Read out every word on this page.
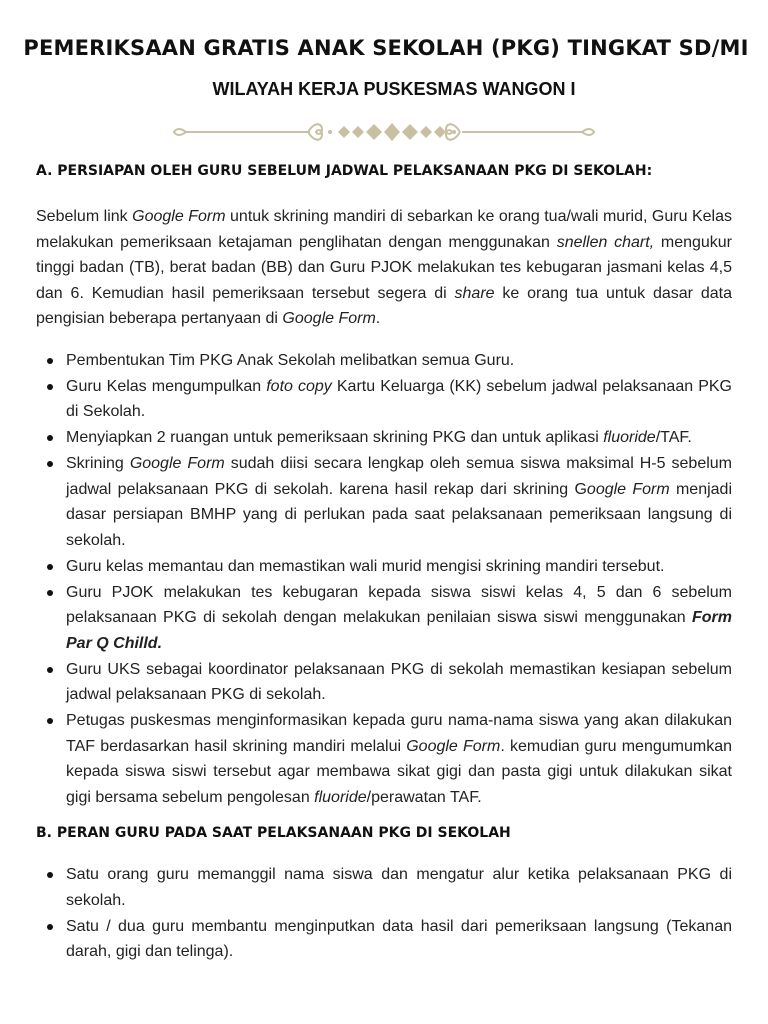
PEMERIKSAAN GRATIS ANAK SEKOLAH (PKG) TINGKAT SD/MI
WILAYAH KERJA PUSKESMAS WANGON I
A. PERSIAPAN OLEH GURU SEBELUM JADWAL PELAKSANAAN PKG DI SEKOLAH:

Sebelum link Google Form untuk skrining mandiri di sebarkan ke orang tua/wali murid, Guru Kelas melakukan pemeriksaan ketajaman penglihatan dengan menggunakan snellen chart, mengukur tinggi badan (TB), berat badan (BB) dan Guru PJOK melakukan tes kebugaran jasmani kelas 4,5 dan 6. Kemudian hasil pemeriksaan tersebut segera di share ke orang tua untuk dasar data pengisian beberapa pertanyaan di Google Form.

Pembentukan Tim PKG Anak Sekolah melibatkan semua Guru.
Guru Kelas mengumpulkan foto copy Kartu Keluarga (KK) sebelum jadwal pelaksanaan PKG di Sekolah.
Menyiapkan 2 ruangan untuk pemeriksaan skrining PKG dan untuk aplikasi fluoride/TAF.
Skrining Google Form sudah diisi secara lengkap oleh semua siswa maksimal H-5 sebelum jadwal pelaksanaan PKG di sekolah. karena hasil rekap dari skrining Google Form menjadi dasar persiapan BMHP yang di perlukan pada saat pelaksanaan pemeriksaan langsung di sekolah.
Guru kelas memantau dan memastikan wali murid mengisi skrining mandiri tersebut.
Guru PJOK melakukan tes kebugaran kepada siswa siswi kelas 4, 5 dan 6 sebelum pelaksanaan PKG di sekolah dengan melakukan penilaian siswa siswi menggunakan Form Par Q Chilld.
Guru UKS sebagai koordinator pelaksanaan PKG di sekolah memastikan kesiapan sebelum jadwal pelaksanaan PKG di sekolah.
Petugas puskesmas menginformasikan kepada guru nama-nama siswa yang akan dilakukan TAF berdasarkan hasil skrining mandiri melalui Google Form. kemudian guru mengumumkan kepada siswa siswi tersebut agar membawa sikat gigi dan pasta gigi untuk dilakukan sikat gigi bersama sebelum pengolesan fluoride/perawatan TAF.
B. PERAN GURU PADA SAAT PELAKSANAAN PKG DI SEKOLAH
Satu orang guru memanggil nama siswa dan mengatur alur ketika pelaksanaan PKG di sekolah.
Satu / dua guru membantu menginputkan data hasil dari pemeriksaan langsung (Tekanan darah, gigi dan telinga).
